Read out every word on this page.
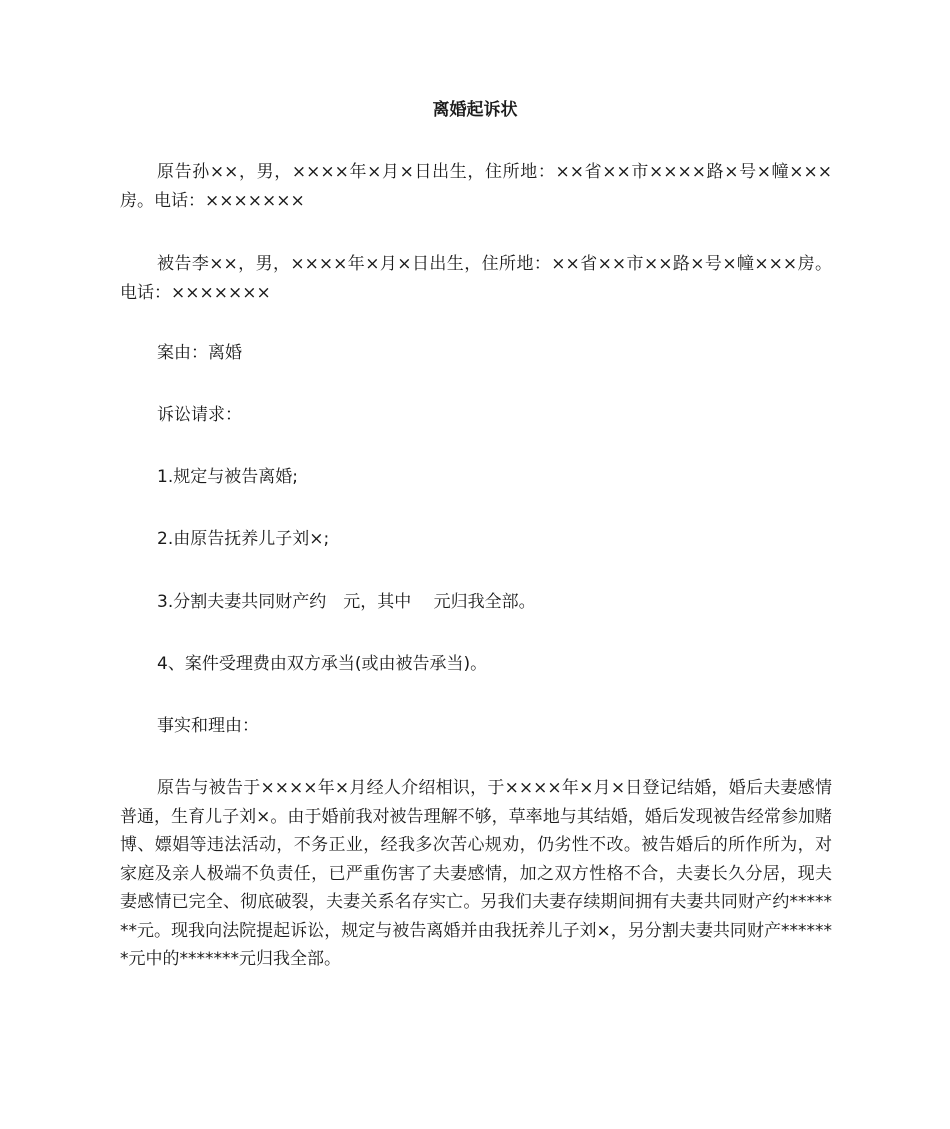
离婚起诉状

原告孙××，男，××××年×月×日出生，住所地：××省××市××××路×号×幢×××房。电话：×××××××

被告李××，男，××××年×月×日出生，住所地：××省××市××路×号×幢×××房。电话：×××××××

案由：离婚

诉讼请求：

1.规定与被告离婚;

2.由原告抚养儿子刘×;

3.分割夫妻共同财产约　元，其中　 元归我全部。

4、案件受理费由双方承当(或由被告承当)。

事实和理由：

原告与被告于××××年×月经人介绍相识，于××××年×月×日登记结婚，婚后夫妻感情普通，生育儿子刘×。由于婚前我对被告理解不够，草率地与其结婚，婚后发现被告经常参加赌博、嫖娼等违法活动，不务正业，经我多次苦心规劝，仍劣性不改。被告婚后的所作所为，对家庭及亲人极端不负责任，已严重伤害了夫妻感情，加之双方性格不合，夫妻长久分居，现夫妻感情已完全、彻底破裂，夫妻关系名存实亡。另我们夫妻存续期间拥有夫妻共同财产约*******元。现我向法院提起诉讼，规定与被告离婚并由我抚养儿子刘×，另分割夫妻共同财产*******元中的*******元归我全部。
